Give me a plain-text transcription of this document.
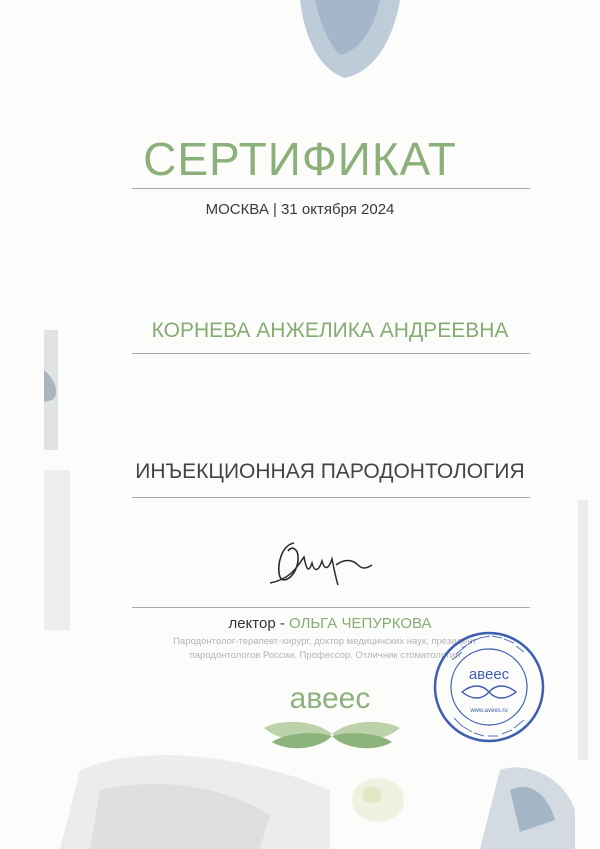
СЕРТИФИКАТ
МОСКВА | 31 октября 2024
КОРНЕВА АНЖЕЛИКА АНДРЕЕВНА
ИНЪЕКЦИОННАЯ ПАРОДОНТОЛОГИЯ
лектор - ОЛЬГА ЧЕПУРКОВА
Пародонтолог-терапевт-хирург, доктор медицинских наук, президент
пародонтологов России. Профессор. Отличник стоматологии
авеес
авеес
www.avees.ru
